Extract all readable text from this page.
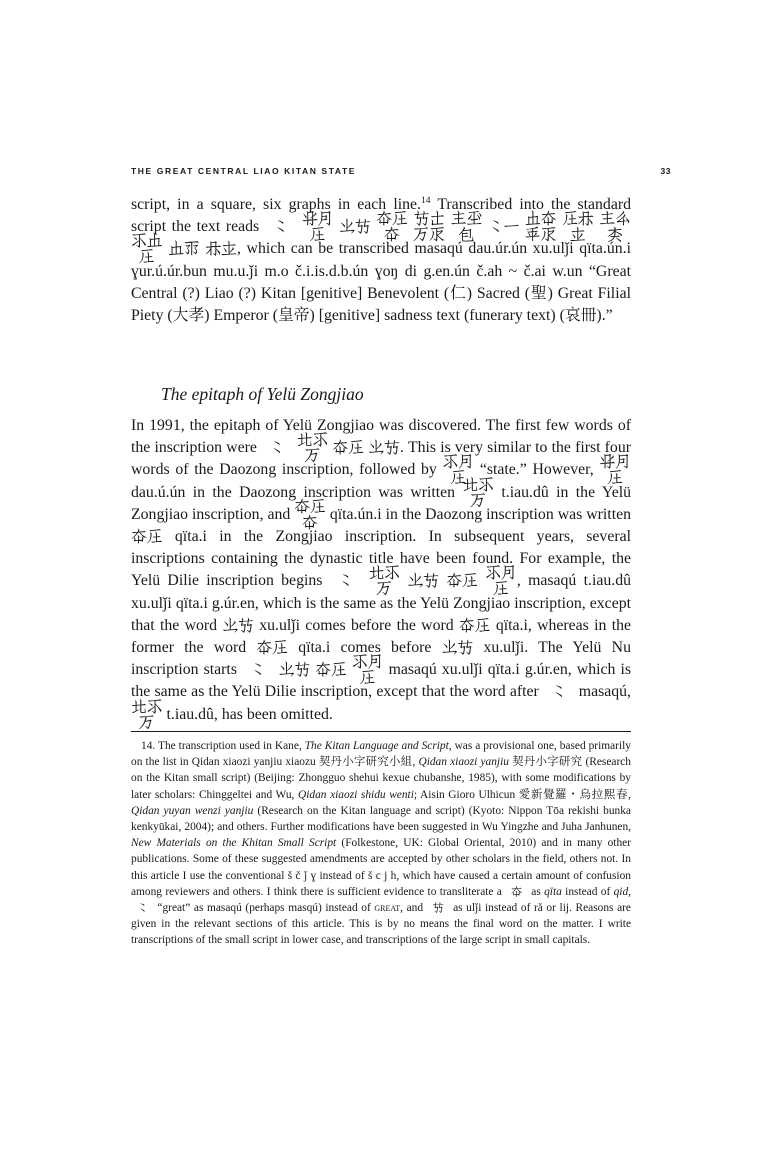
THE GREAT CENTRAL LIAO KITAN STATE	33

script, in a square, six graphs in each line.$^{14}$ Transcribed into the standard script the text reads 𘬀 𘯀𘯃𘬱 𘮨𘮊 𘭿𘬱𘭿 𘮊𘬸𘬲𘬊 𘭝𘬍𘯙 𘬀𘬁 𘯈𘭿𘯓𘬊 𘬱𘯁𘭂 𘭝𘯒𘭊 𘬇𘯈𘬱 𘯈𘬕 𘯁𘭂, which can be transcribed masaqú dau.úr.ún xu.ulǰi qïta.ún.i ɣur.ú.úr.bun mu.u.ǰi m.o č.i.is.d.b.ún ɣoŋ di g.en.ún č.ah ~ č.ai w.un “Great Central (?) Liao (?) Kitan [genitive] Benevolent (仁) Sacred (聖) Great Filial Piety (大孝) Emperor (皇帝) [genitive] sadness text (funerary text) (哀冊).”

The epitaph of Yelü Zongjiao

In 1991, the epitaph of Yelü Zongjiao was discovered. The first few words of the inscription were 𘬀 𘭢𘬇𘬲 𘭿𘬱 𘮨𘮊. This is very similar to the first four words of the Daozong inscription, followed by 𘬇𘯃𘬱 “state.” However, 𘯀𘯃𘬱 dau.ú.ún in the Daozong inscription was written 𘭢𘬇𘬲 t.iau.dû in the Yelü Zongjiao inscription, and 𘭿𘬱𘭿 qïta.ún.i in the Daozong inscription was written 𘭿𘬱 qïta.i in the Zongjiao inscription. In subsequent years, several inscriptions containing the dynastic title have been found. For example, the Yelü Dilie inscription begins 𘬀 𘭢𘬇𘬲 𘮨𘮊 𘭿𘬱 𘬇𘯃𘬱, masaqú t.iau.dû xu.ulǰi qïta.i g.úr.en, which is the same as the Yelü Zongjiao inscription, except that the word 𘮨𘮊 xu.ulǰi comes before the word 𘭿𘬱 qïta.i, whereas in the former the word 𘭿𘬱 qïta.i comes before 𘮨𘮊 xu.ulǰi. The Yelü Nu inscription starts 𘬀 𘮨𘮊 𘭿𘬱 𘬇𘯃𘬱 masaqú xu.ulǰi qïta.i g.úr.en, which is the same as the Yelü Dilie inscription, except that the word after 𘬀 masaqú, 𘭢𘬇𘬲 t.iau.dû, has been omitted.

14. The transcription used in Kane, The Kitan Language and Script, was a provisional one, based primarily on the list in Qidan xiaozi yanjiu xiaozu 契丹小字研究小組, Qidan xiaozi yanjiu 契丹小字研究 (Research on the Kitan small script) (Beijing: Zhongguo shehui kexue chubanshe, 1985), with some modifications by later scholars: Chinggeltei and Wu, Qidan xiaozi shidu wenti; Aisin Gioro Ulhicun 愛新覺羅・烏拉熙春, Qidan yuyan wenzi yanjiu (Research on the Kitan language and script) (Kyoto: Nippon Tōa rekishi bunka kenkyūkai, 2004); and others. Further modifications have been suggested in Wu Yingzhe and Juha Janhunen, New Materials on the Khitan Small Script (Folkestone, UK: Global Oriental, 2010) and in many other publications. Some of these suggested amendments are accepted by other scholars in the field, others not. In this article I use the conventional š č ǰ ɣ instead of š c j h, which have caused a certain amount of confusion among reviewers and others. I think there is sufficient evidence to transliterate a 𘭿 as qïta instead of qid, 𘬀 “great” as masaqú (perhaps masqú) instead of great, and 𘮊 as ulǰi instead of rǎ or lij. Reasons are given in the relevant sections of this article. This is by no means the final word on the matter. I write transcriptions of the small script in lower case, and transcriptions of the large script in small capitals.
